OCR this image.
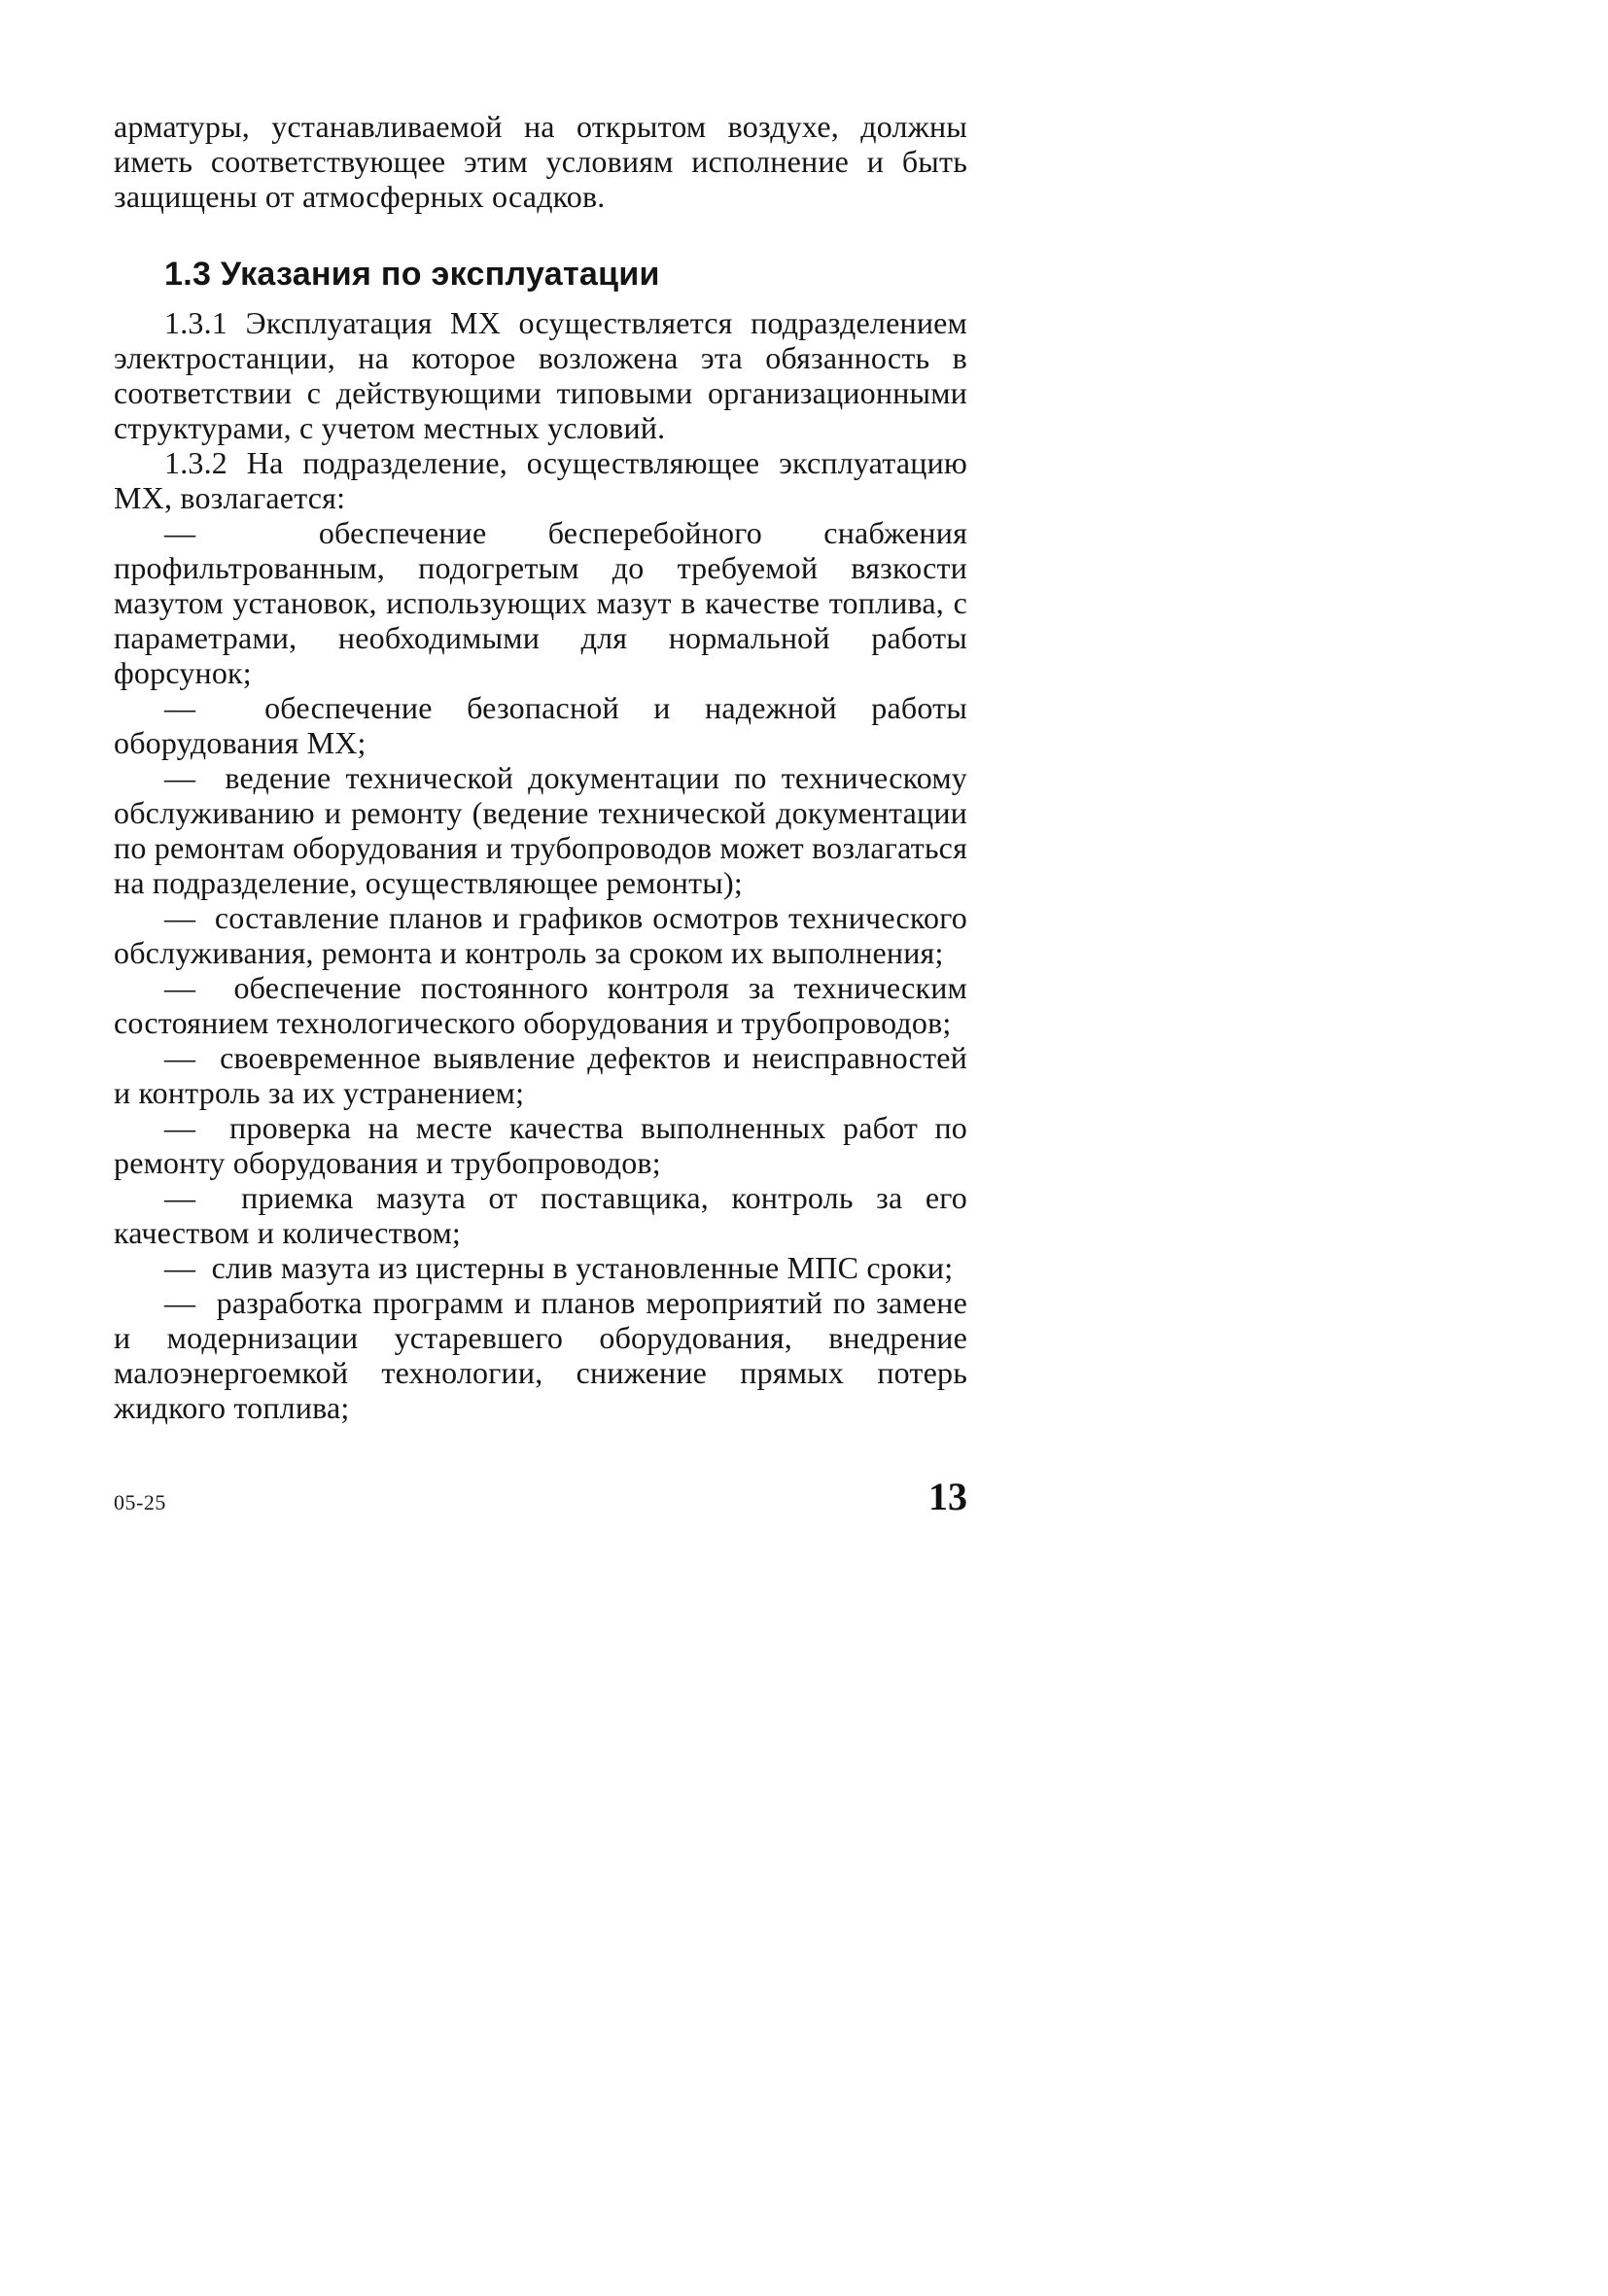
арматуры, устанавливаемой на открытом воздухе, должны иметь соответствующее этим условиям исполнение и быть защищены от атмосферных осадков.

1.3 Указания по эксплуатации

1.3.1 Эксплуатация МХ осуществляется подразделением электростанции, на которое возложена эта обязанность в соответствии с действующими типовыми организационными структурами, с учетом местных условий.

1.3.2 На подразделение, осуществляющее эксплуатацию МХ, возлагается:

—  обеспечение бесперебойного снабжения профильтрованным, подогретым до требуемой вязкости мазутом установок, использующих мазут в качестве топлива, с параметрами, необходимыми для нормальной работы форсунок;

—  обеспечение безопасной и надежной работы оборудования МХ;

—  ведение технической документации по техническому обслуживанию и ремонту (ведение технической документации по ремонтам оборудования и трубопроводов может возлагаться на подразделение, осуществляющее ремонты);

—  составление планов и графиков осмотров технического обслуживания, ремонта и контроль за сроком их выполнения;

—  обеспечение постоянного контроля за техническим состоянием технологического оборудования и трубопроводов;

—  своевременное выявление дефектов и неисправностей и контроль за их устранением;

—  проверка на месте качества выполненных работ по ремонту оборудования и трубопроводов;

—  приемка мазута от поставщика, контроль за его качеством и количеством;

—  слив мазута из цистерны в установленные МПС сроки;

—  разработка программ и планов мероприятий по замене и модернизации устаревшего оборудования, внедрение малоэнергоемкой технологии, снижение прямых потерь жидкого топлива;

05-25	13
